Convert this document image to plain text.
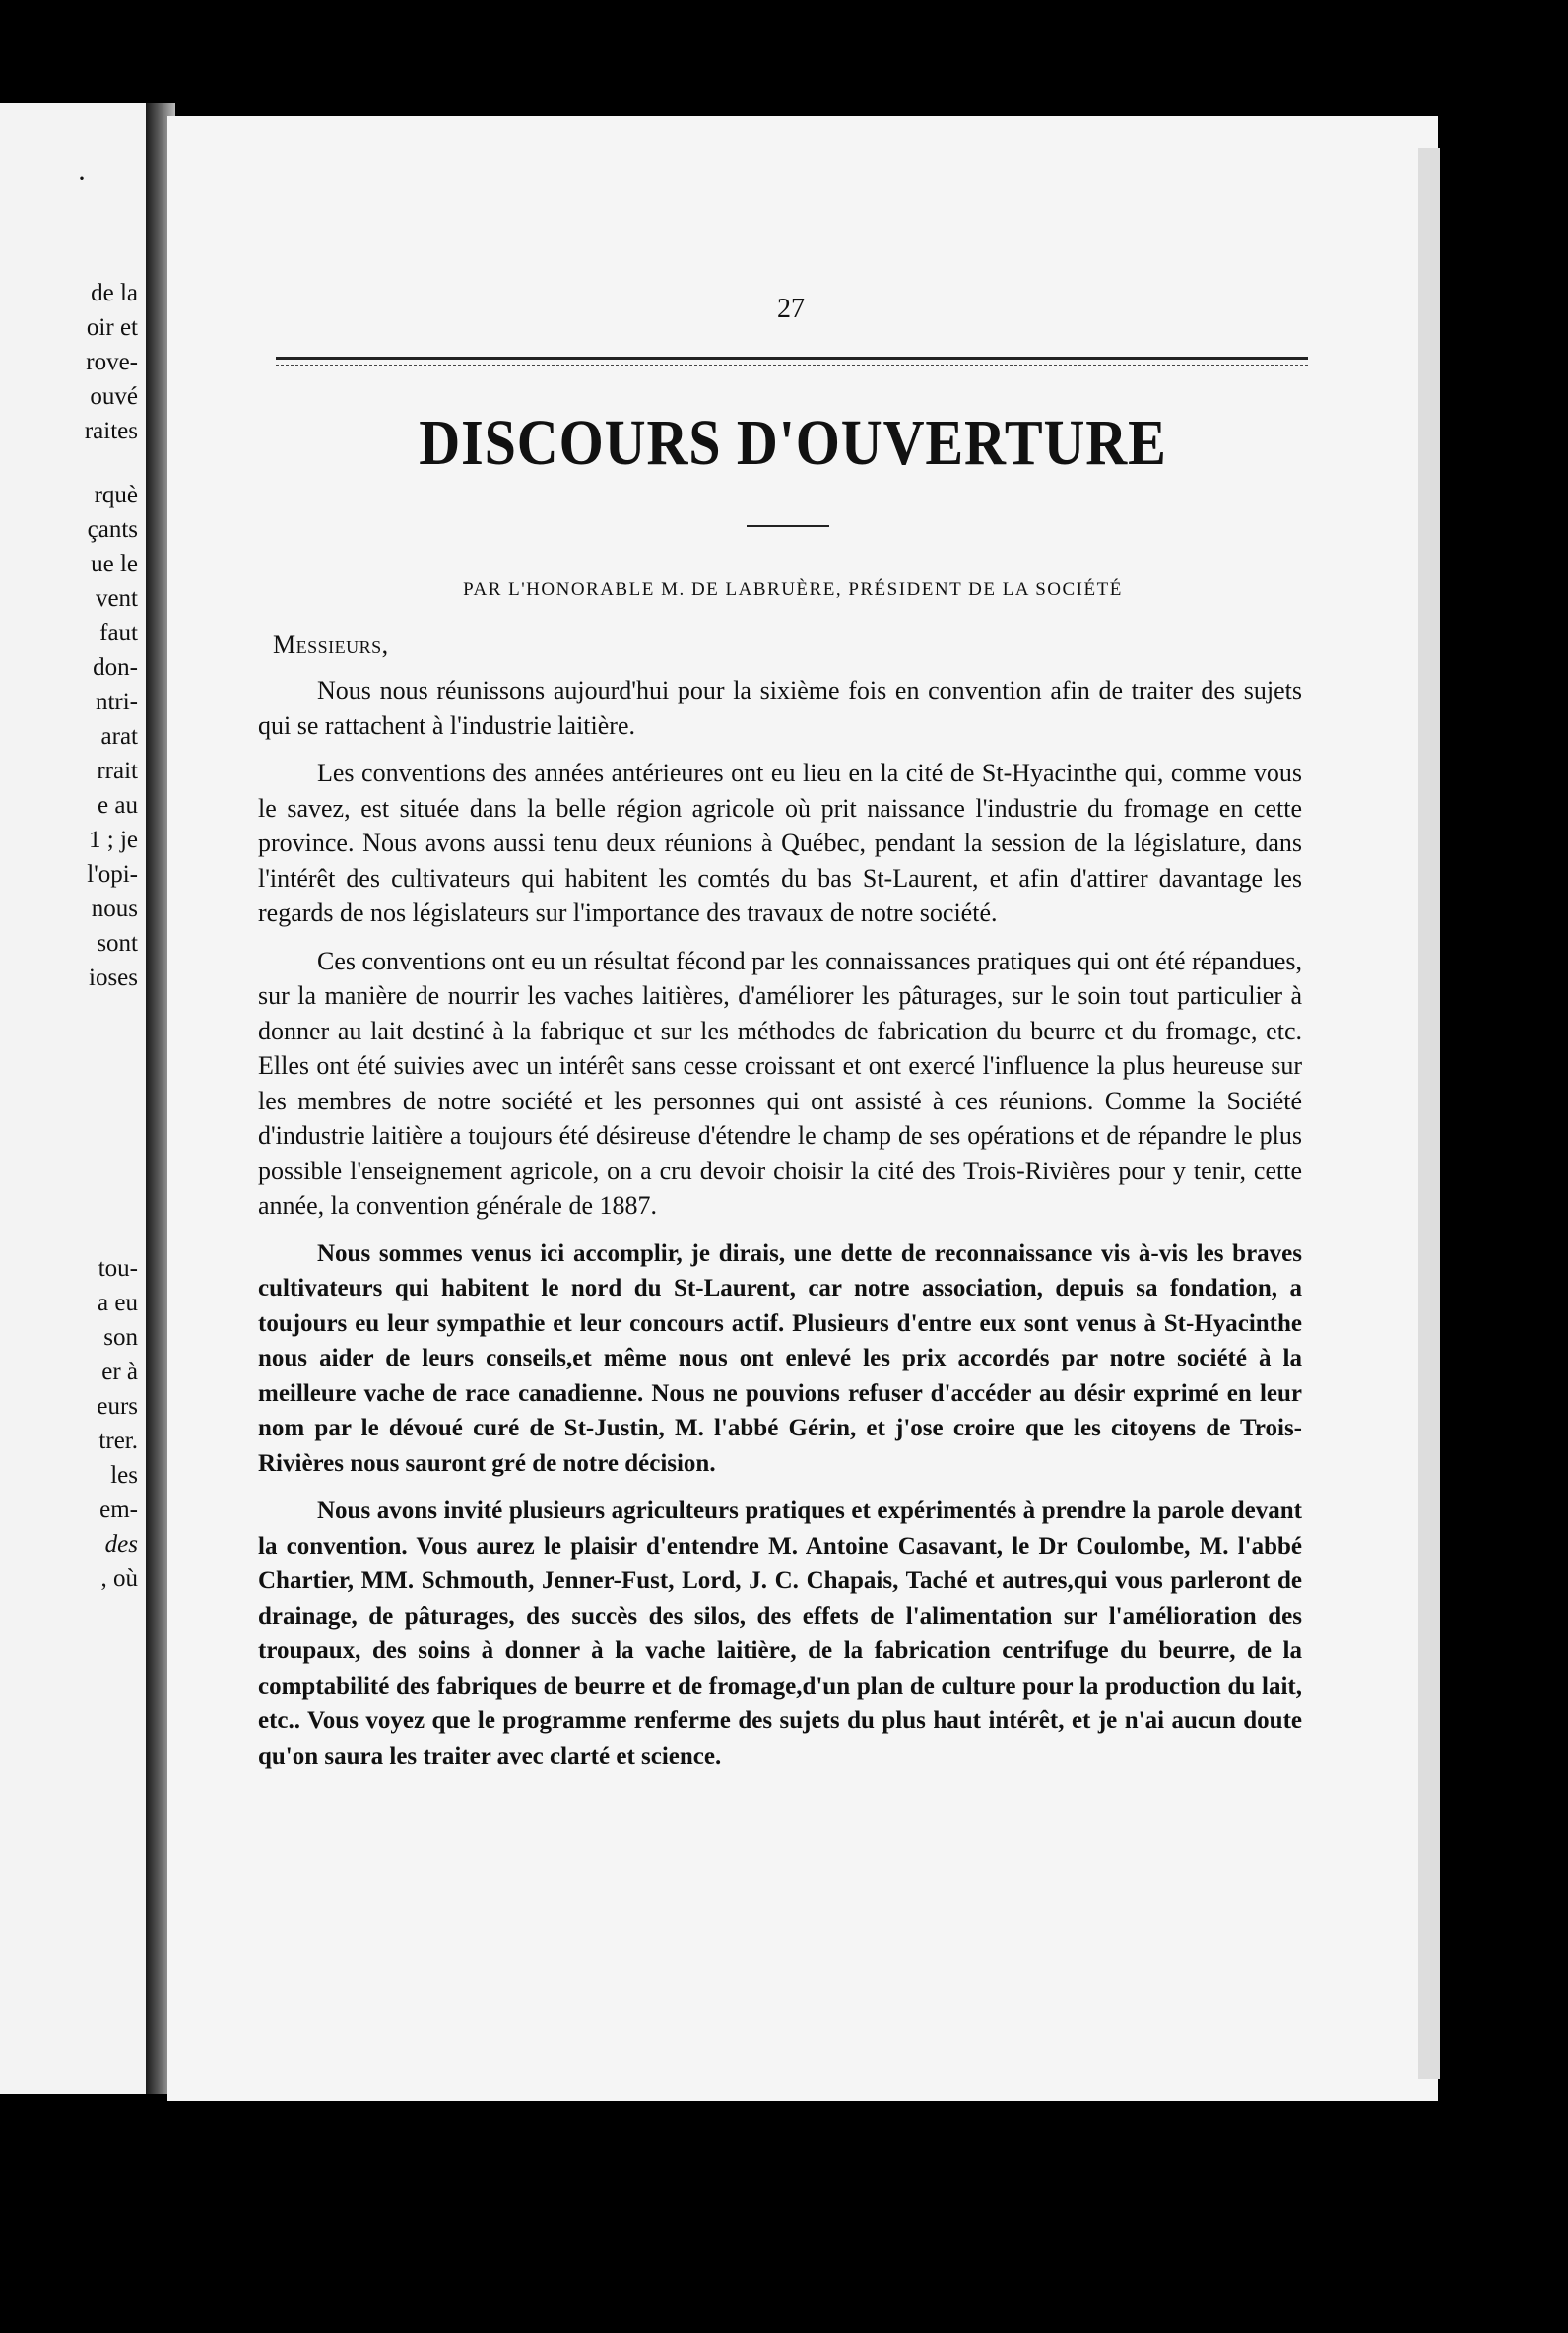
·
de la
oir et
rove-
ouvé
raites
rquè
çants
ue le
vent
faut
don-
ntri-
arat
rrait
e au
1 ; je
l'opi-
nous
sont
ioses
tou-
a eu
son
er à
eurs
trer.
les
em-
des
, où
27
DISCOURS D'OUVERTURE
PAR L'HONORABLE M. DE LABRUÈRE, PRÉSIDENT DE LA SOCIÉTÉ
Messieurs,

Nous nous réunissons aujourd'hui pour la sixième fois en convention afin de traiter des sujets qui se rattachent à l'industrie laitière.

Les conventions des années antérieures ont eu lieu en la cité de St-Hyacinthe qui, comme vous le savez, est située dans la belle région agricole où prit naissance l'industrie du fromage en cette province. Nous avons aussi tenu deux réunions à Québec, pendant la session de la législature, dans l'intérêt des cultivateurs qui habitent les comtés du bas St-Laurent, et afin d'attirer davantage les regards de nos législateurs sur l'importance des travaux de notre société.

Ces conventions ont eu un résultat fécond par les connaissances pratiques qui ont été répandues, sur la manière de nourrir les vaches laitières, d'améliorer les pâturages, sur le soin tout particulier à donner au lait destiné à la fabrique et sur les méthodes de fabrication du beurre et du fromage, etc. Elles ont été suivies avec un intérêt sans cesse croissant et ont exercé l'influence la plus heureuse sur les membres de notre société et les personnes qui ont assisté à ces réunions. Comme la Société d'industrie laitière a toujours été désireuse d'étendre le champ de ses opérations et de répandre le plus possible l'enseignement agricole, on a cru devoir choisir la cité des Trois-Rivières pour y tenir, cette année, la convention générale de 1887.

Nous sommes venus ici accomplir, je dirais, une dette de reconnaissance vis à-vis les braves cultivateurs qui habitent le nord du St-Laurent, car notre association, depuis sa fondation, a toujours eu leur sympathie et leur concours actif. Plusieurs d'entre eux sont venus à St-Hyacinthe nous aider de leurs conseils,et même nous ont enlevé les prix accordés par notre société à la meilleure vache de race canadienne. Nous ne pouvions refuser d'accéder au désir exprimé en leur nom par le dévoué curé de St-Justin, M. l'abbé Gérin, et j'ose croire que les citoyens de Trois-Rivières nous sauront gré de notre décision.

Nous avons invité plusieurs agriculteurs pratiques et expérimentés à prendre la parole devant la convention. Vous aurez le plaisir d'entendre M. Antoine Casavant, le Dr Coulombe, M. l'abbé Chartier, MM. Schmouth, Jenner-Fust, Lord, J. C. Chapais, Taché et autres,qui vous parleront de drainage, de pâturages, des succès des silos, des effets de l'alimentation sur l'amélioration des troupaux, des soins à donner à la vache laitière, de la fabrication centrifuge du beurre, de la comptabilité des fabriques de beurre et de fromage,d'un plan de culture pour la production du lait, etc.. Vous voyez que le programme renferme des sujets du plus haut intérêt, et je n'ai aucun doute qu'on saura les traiter avec clarté et science.
